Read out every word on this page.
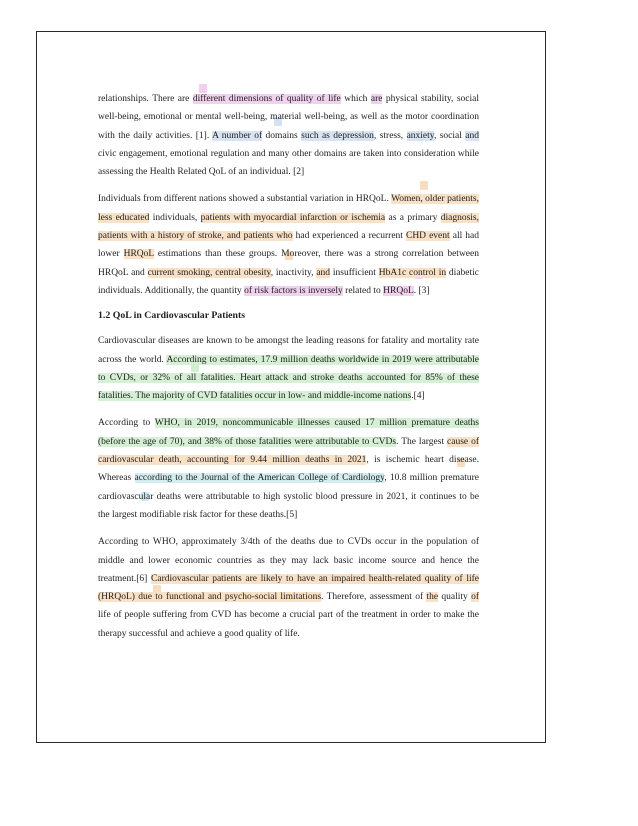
relationships. There are different dimensions of quality of life which are physical stability, social well-being, emotional or mental well-being, material well-being, as well as the motor coordination with the daily activities. [1]. A number of domains such as depression, stress, anxiety, social and civic engagement, emotional regulation and many other domains are taken into consideration while assessing the Health Related QoL of an individual. [2]

Individuals from different nations showed a substantial variation in HRQoL. Women, older patients, less educated individuals, patients with myocardial infarction or ischemia as a primary diagnosis, patients with a history of stroke, and patients who had experienced a recurrent CHD event all had lower HRQoL estimations than these groups. Moreover, there was a strong correlation between HRQoL and current smoking, central obesity, inactivity, and insufficient HbA1c control in diabetic individuals. Additionally, the quantity of risk factors is inversely related to HRQoL. [3]

1.2 QoL in Cardiovascular Patients

Cardiovascular diseases are known to be amongst the leading reasons for fatality and mortality rate across the world. According to estimates, 17.9 million deaths worldwide in 2019 were attributable to CVDs, or 32% of all fatalities. Heart attack and stroke deaths accounted for 85% of these fatalities. The majority of CVD fatalities occur in low- and middle-income nations.[4]

According to WHO, in 2019, noncommunicable illnesses caused 17 million premature deaths (before the age of 70), and 38% of those fatalities were attributable to CVDs. The largest cause of cardiovascular death, accounting for 9.44 million deaths in 2021, is ischemic heart disease. Whereas according to the Journal of the American College of Cardiology, 10.8 million premature cardiovascular deaths were attributable to high systolic blood pressure in 2021, it continues to be the largest modifiable risk factor for these deaths.[5]

According to WHO, approximately 3/4th of the deaths due to CVDs occur in the population of middle and lower economic countries as they may lack basic income source and hence the treatment.[6] Cardiovascular patients are likely to have an impaired health-related quality of life (HRQoL) due to functional and psycho-social limitations. Therefore, assessment of the quality of life of people suffering from CVD has become a crucial part of the treatment in order to make the therapy successful and achieve a good quality of life.
